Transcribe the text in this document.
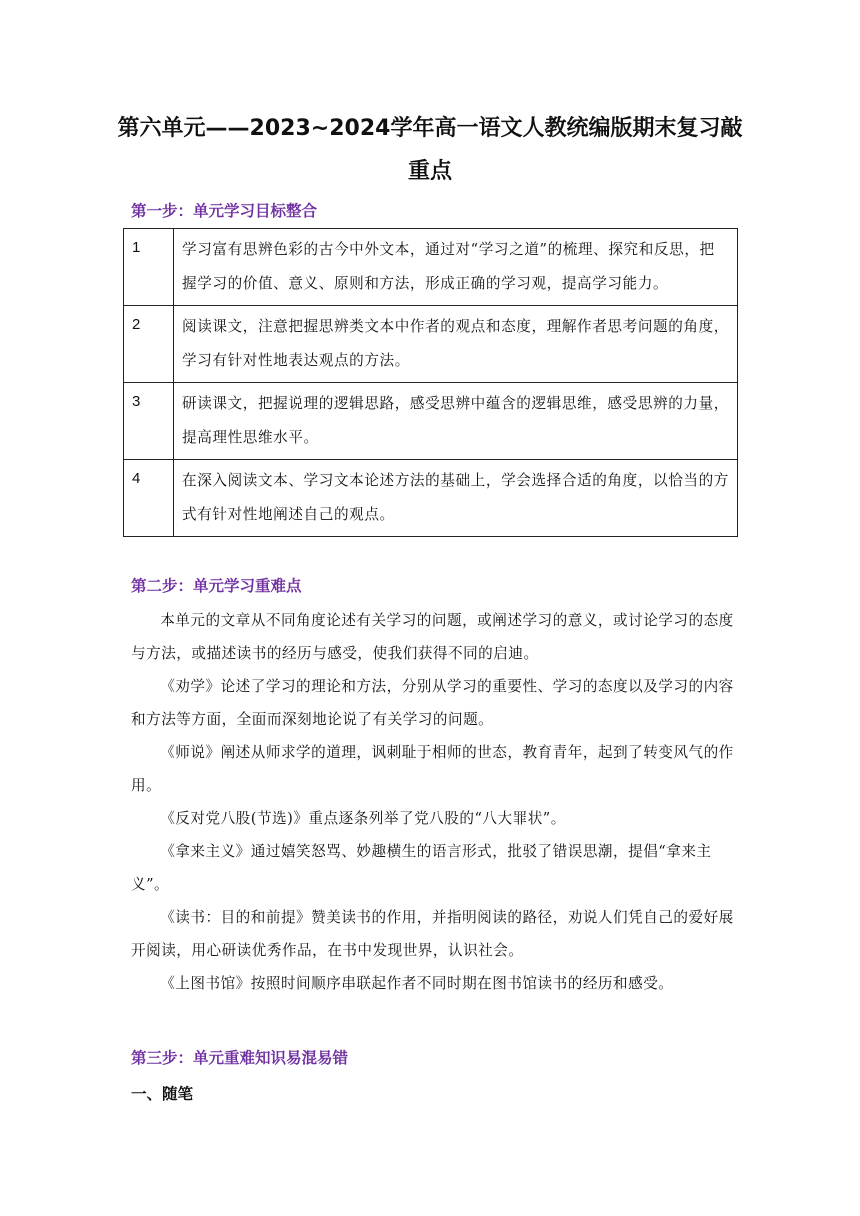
第六单元——2023~2024学年高一语文人教统编版期末复习敲
重点
第一步：单元学习目标整合
1	学习富有思辨色彩的古今中外文本，通过对“学习之道”的梳理、探究和反思，把握学习的价值、意义、原则和方法，形成正确的学习观，提高学习能力。
2	阅读课文，注意把握思辨类文本中作者的观点和态度，理解作者思考问题的角度，学习有针对性地表达观点的方法。
3	研读课文，把握说理的逻辑思路，感受思辨中蕴含的逻辑思维，感受思辨的力量，提高理性思维水平。
4	在深入阅读文本、学习文本论述方法的基础上，学会选择合适的角度，以恰当的方式有针对性地阐述自己的观点。
第二步：单元学习重难点

本单元的文章从不同角度论述有关学习的问题，或阐述学习的意义，或讨论学习的态度与方法，或描述读书的经历与感受，使我们获得不同的启迪。

《劝学》论述了学习的理论和方法，分别从学习的重要性、学习的态度以及学习的内容和方法等方面，全面而深刻地论说了有关学习的问题。

《师说》阐述从师求学的道理，讽刺耻于相师的世态，教育青年，起到了转变风气的作用。

《反对党八股(节选)》重点逐条列举了党八股的“八大罪状”。

《拿来主义》通过嬉笑怒骂、妙趣横生的语言形式，批驳了错误思潮，提倡“拿来主义”。

《读书：目的和前提》赞美读书的作用，并指明阅读的路径，劝说人们凭自己的爱好展开阅读，用心研读优秀作品，在书中发现世界，认识社会。

《上图书馆》按照时间顺序串联起作者不同时期在图书馆读书的经历和感受。

第三步：单元重难知识易混易错
一、随笔
